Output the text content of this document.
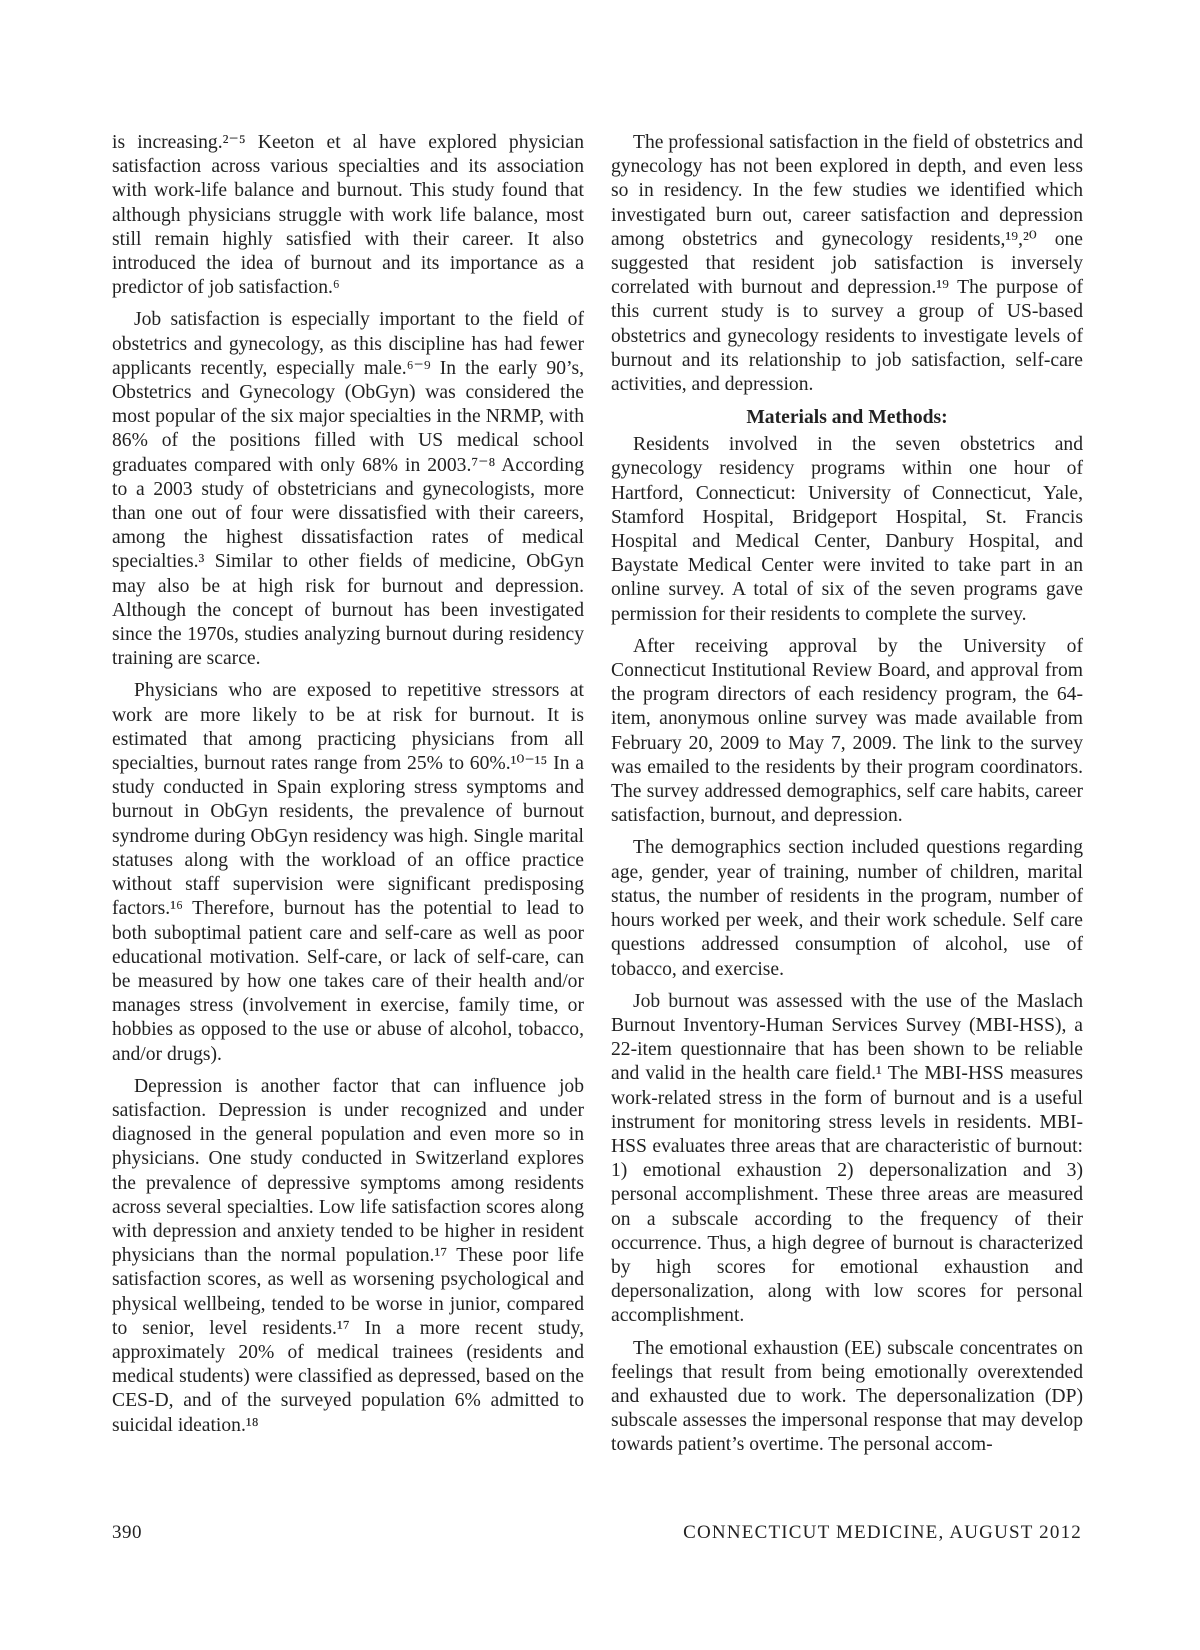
is increasing.²⁻⁵ Keeton et al have explored physician satisfaction across various specialties and its association with work-life balance and burnout. This study found that although physicians struggle with work life balance, most still remain highly satisfied with their career. It also introduced the idea of burnout and its importance as a predictor of job satisfaction.⁶

Job satisfaction is especially important to the field of obstetrics and gynecology, as this discipline has had fewer applicants recently, especially male.⁶⁻⁹ In the early 90’s, Obstetrics and Gynecology (ObGyn) was considered the most popular of the six major specialties in the NRMP, with 86% of the positions filled with US medical school graduates compared with only 68% in 2003.⁷⁻⁸ According to a 2003 study of obstetricians and gynecologists, more than one out of four were dissatisfied with their careers, among the highest dissatisfaction rates of medical specialties.³ Similar to other fields of medicine, ObGyn may also be at high risk for burnout and depression. Although the concept of burnout has been investigated since the 1970s, studies analyzing burnout during residency training are scarce.

Physicians who are exposed to repetitive stressors at work are more likely to be at risk for burnout. It is estimated that among practicing physicians from all specialties, burnout rates range from 25% to 60%.¹⁰⁻¹⁵ In a study conducted in Spain exploring stress symptoms and burnout in ObGyn residents, the prevalence of burnout syndrome during ObGyn residency was high. Single marital statuses along with the workload of an office practice without staff supervision were significant predisposing factors.¹⁶ Therefore, burnout has the potential to lead to both suboptimal patient care and self-care as well as poor educational motivation. Self-care, or lack of self-care, can be measured by how one takes care of their health and/or manages stress (involvement in exercise, family time, or hobbies as opposed to the use or abuse of alcohol, tobacco, and/or drugs).

Depression is another factor that can influence job satisfaction. Depression is under recognized and under diagnosed in the general population and even more so in physicians. One study conducted in Switzerland explores the prevalence of depressive symptoms among residents across several specialties. Low life satisfaction scores along with depression and anxiety tended to be higher in resident physicians than the normal population.¹⁷ These poor life satisfaction scores, as well as worsening psychological and physical wellbeing, tended to be worse in junior, compared to senior, level residents.¹⁷ In a more recent study, approximately 20% of medical trainees (residents and medical students) were classified as depressed, based on the CES-D, and of the surveyed population 6% admitted to suicidal ideation.¹⁸

The professional satisfaction in the field of obstetrics and gynecology has not been explored in depth, and even less so in residency. In the few studies we identified which investigated burn out, career satisfaction and depression among obstetrics and gynecology residents,¹⁹,²⁰ one suggested that resident job satisfaction is inversely correlated with burnout and depression.¹⁹ The purpose of this current study is to survey a group of US-based obstetrics and gynecology residents to investigate levels of burnout and its relationship to job satisfaction, self-care activities, and depression.

Materials and Methods:

Residents involved in the seven obstetrics and gynecology residency programs within one hour of Hartford, Connecticut: University of Connecticut, Yale, Stamford Hospital, Bridgeport Hospital, St. Francis Hospital and Medical Center, Danbury Hospital, and Baystate Medical Center were invited to take part in an online survey. A total of six of the seven programs gave permission for their residents to complete the survey.

After receiving approval by the University of Connecticut Institutional Review Board, and approval from the program directors of each residency program, the 64-item, anonymous online survey was made available from February 20, 2009 to May 7, 2009. The link to the survey was emailed to the residents by their program coordinators. The survey addressed demographics, self care habits, career satisfaction, burnout, and depression.

The demographics section included questions regarding age, gender, year of training, number of children, marital status, the number of residents in the program, number of hours worked per week, and their work schedule. Self care questions addressed consumption of alcohol, use of tobacco, and exercise.

Job burnout was assessed with the use of the Maslach Burnout Inventory-Human Services Survey (MBI-HSS), a 22-item questionnaire that has been shown to be reliable and valid in the health care field.¹ The MBI-HSS measures work-related stress in the form of burnout and is a useful instrument for monitoring stress levels in residents. MBI-HSS evaluates three areas that are characteristic of burnout: 1) emotional exhaustion 2) depersonalization and 3) personal accomplishment. These three areas are measured on a subscale according to the frequency of their occurrence. Thus, a high degree of burnout is characterized by high scores for emotional exhaustion and depersonalization, along with low scores for personal accomplishment.

The emotional exhaustion (EE) subscale concentrates on feelings that result from being emotionally overextended and exhausted due to work. The depersonalization (DP) subscale assesses the impersonal response that may develop towards patient’s overtime. The personal accom-

390	CONNECTICUT MEDICINE, AUGUST 2012
